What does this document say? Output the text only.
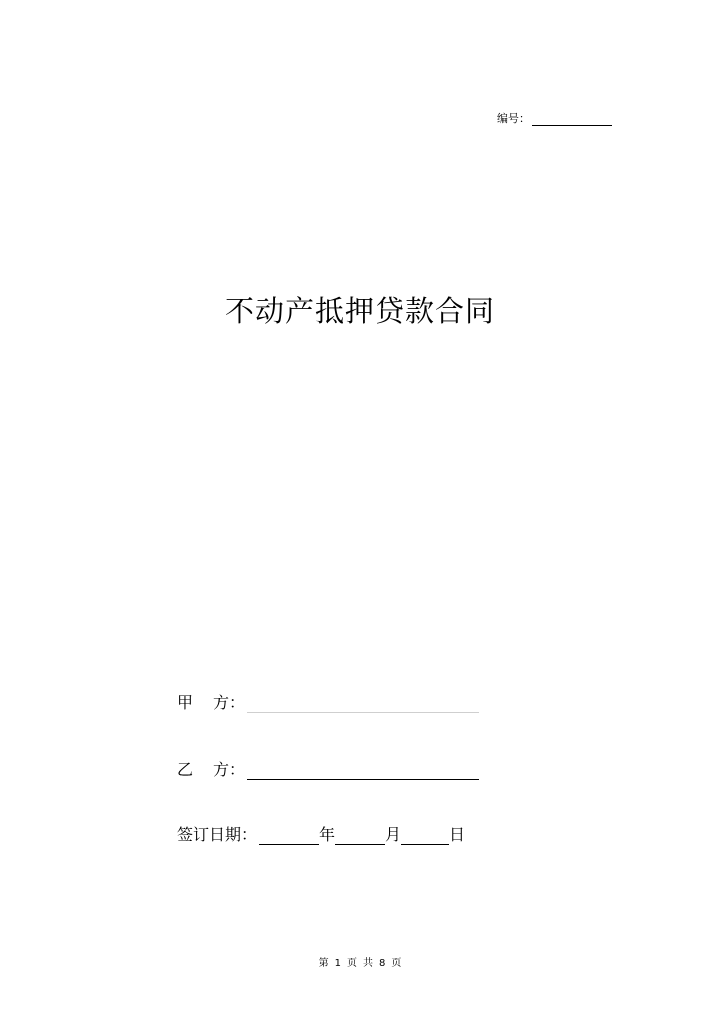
编号：
不动产抵押贷款合同
甲	方：
乙	方：
签订日期：	年	月	日
第 1 页 共 8 页
